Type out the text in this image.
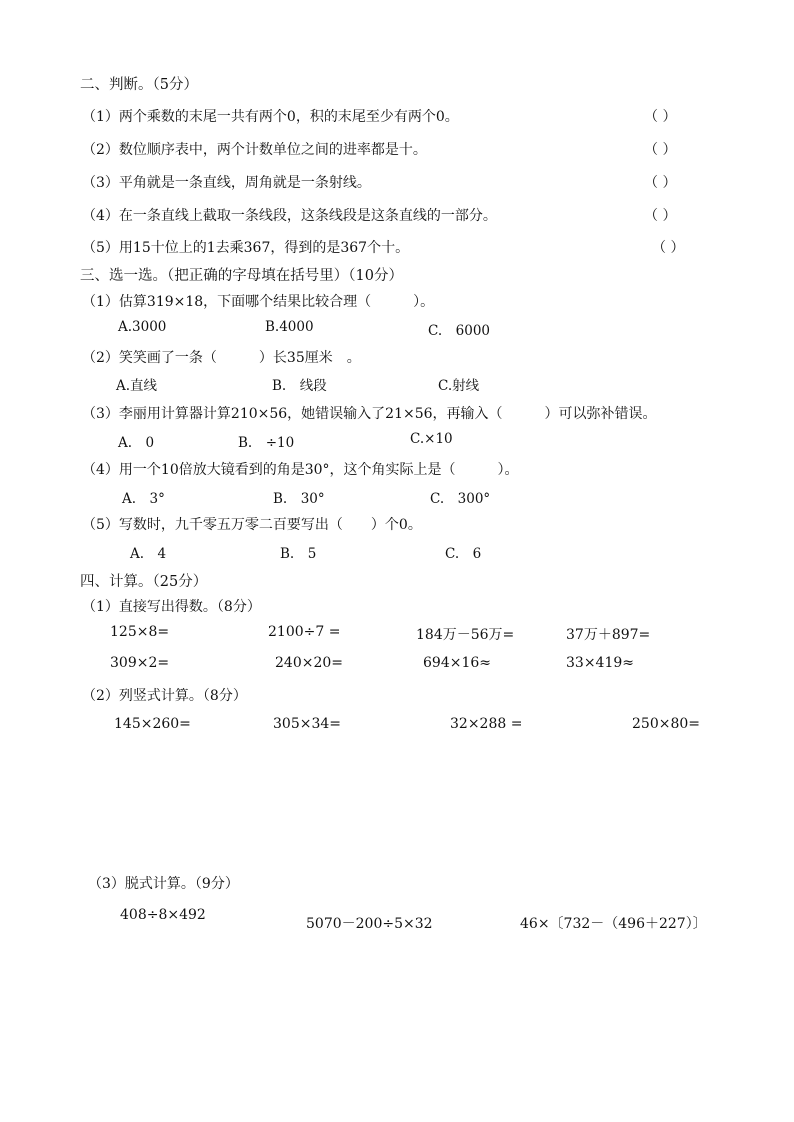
二、判断。（5分）
（1）两个乘数的末尾一共有两个0，积的末尾至少有两个0。	（ ）
（2）数位顺序表中，两个计数单位之间的进率都是十。	（ ）
（3）平角就是一条直线，周角就是一条射线。	（ ）
（4）在一条直线上截取一条线段，这条线段是这条直线的一部分。	（ ）
（5）用15十位上的1去乘367，得到的是367个十。	（ ）
三、选一选。（把正确的字母填在括号里）（10分）
（1）估算319×18，下面哪个结果比较合理（　　　）。
A.3000	B.4000	C.　6000
（2）笑笑画了一条（　　　）长35厘米　。
A.直线	B.　线段	C.射线
（3）李丽用计算器计算210×56，她错误输入了21×56，再输入（　　　）可以弥补错误。
A.　0	B.　÷10	C.×10
（4）用一个10倍放大镜看到的角是30°，这个角实际上是（　　　）。
A.　3°	B.　30°	C.　300°
（5）写数时，九千零五万零二百要写出（　　）个0。
A.　4	B.　5	C.　6
四、计算。（25分）
（1）直接写出得数。（8分）
125×8=	2100÷7 =	184万－56万=	37万＋897=
309×2=	240×20=	694×16≈	33×419≈
（2）列竖式计算。（8分）
145×260=	305×34=	32×288 =	250×80=
（3）脱式计算。（9分）
408÷8×492
5070－200÷5×32	46×〔732－（496＋227）〕
